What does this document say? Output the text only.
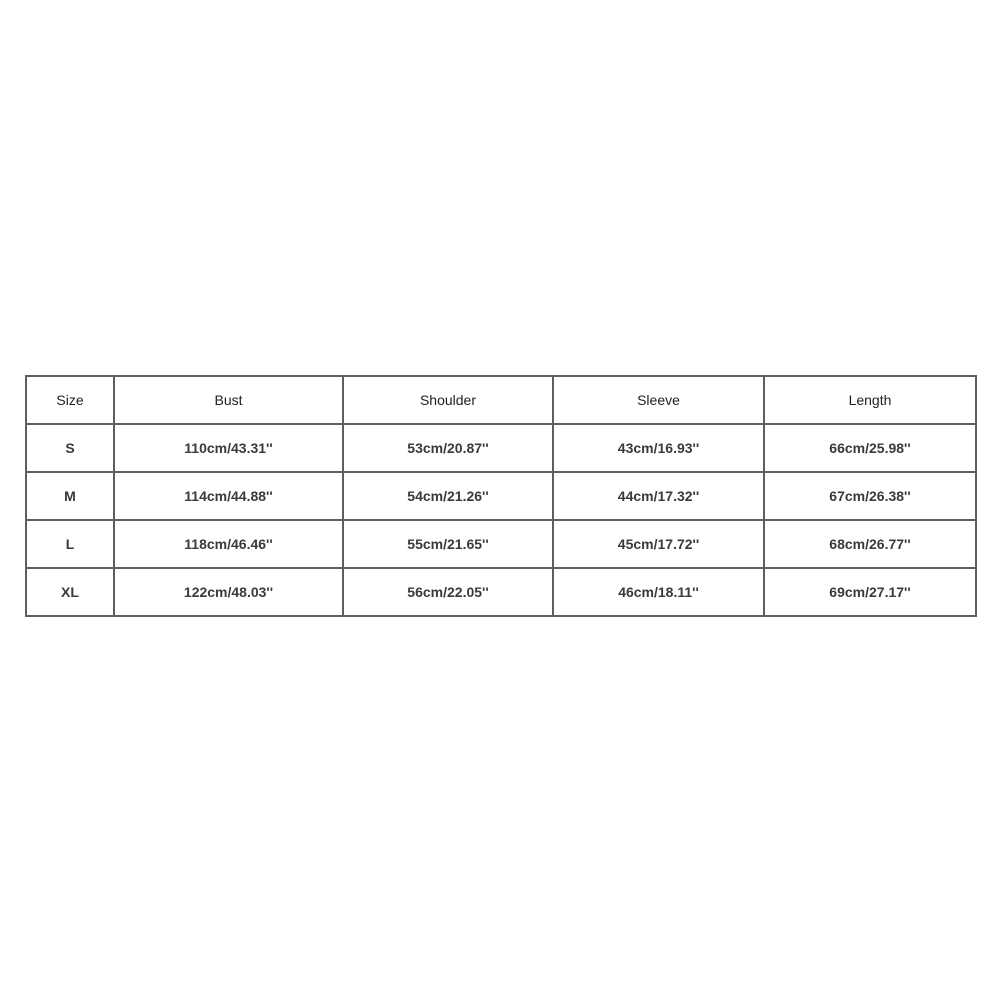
Size	Bust	Shoulder	Sleeve	Length
S	110cm/43.31''	53cm/20.87''	43cm/16.93''	66cm/25.98''
M	114cm/44.88''	54cm/21.26''	44cm/17.32''	67cm/26.38''
L	118cm/46.46''	55cm/21.65''	45cm/17.72''	68cm/26.77''
XL	122cm/48.03''	56cm/22.05''	46cm/18.11''	69cm/27.17''
